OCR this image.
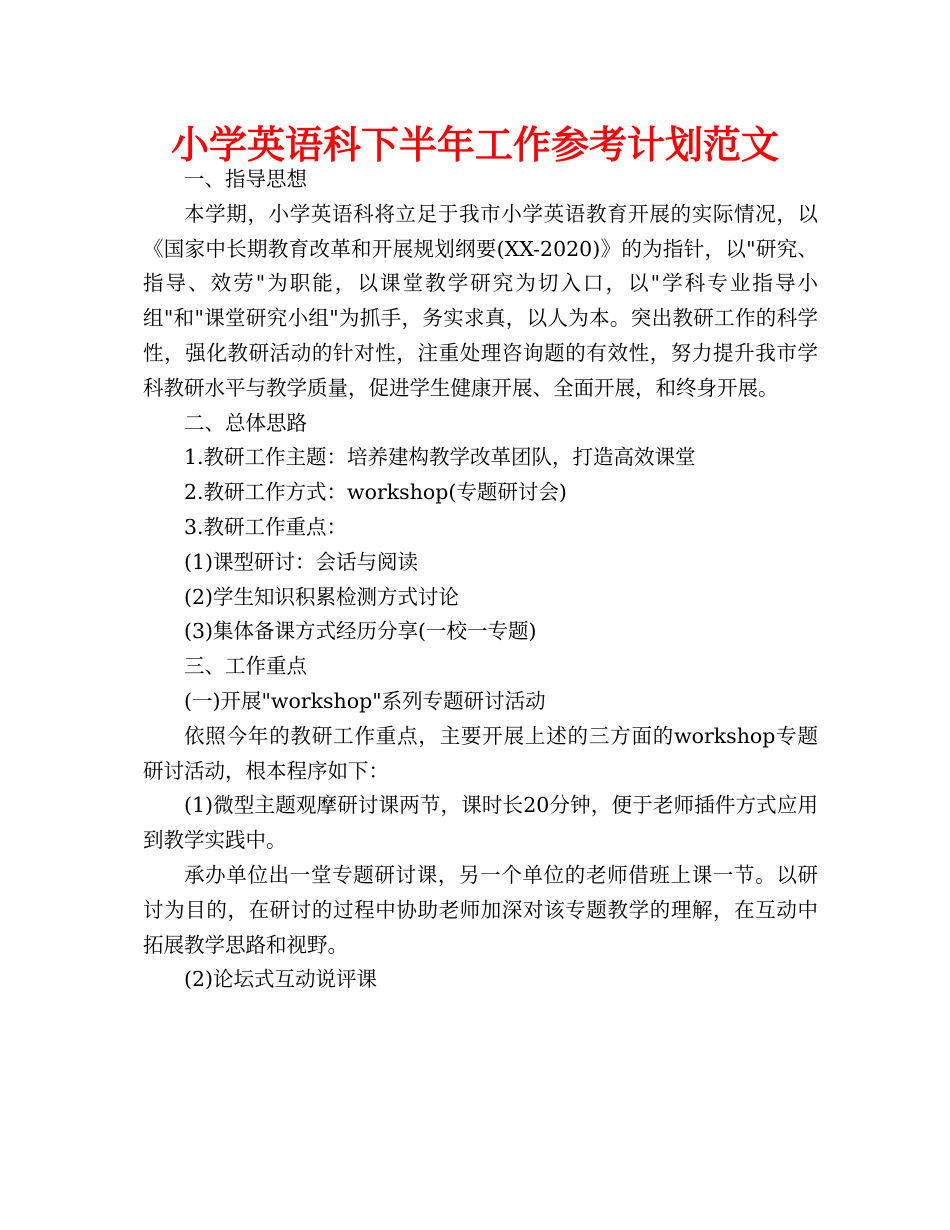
小学英语科下半年工作参考计划范文

一、指导思想

本学期，小学英语科将立足于我市小学英语教育开展的实际情况，以《国家中长期教育改革和开展规划纲要(XX-2020)》的为指针，以"研究、指导、效劳"为职能，以课堂教学研究为切入口，以"学科专业指导小组"和"课堂研究小组"为抓手，务实求真，以人为本。突出教研工作的科学性，强化教研活动的针对性，注重处理咨询题的有效性，努力提升我市学科教研水平与教学质量，促进学生健康开展、全面开展，和终身开展。

二、总体思路

1.教研工作主题：培养建构教学改革团队，打造高效课堂

2.教研工作方式：workshop(专题研讨会)

3.教研工作重点：

(1)课型研讨：会话与阅读

(2)学生知识积累检测方式讨论

(3)集体备课方式经历分享(一校一专题)

三、工作重点

(一)开展"workshop"系列专题研讨活动

依照今年的教研工作重点，主要开展上述的三方面的workshop专题研讨活动，根本程序如下：

(1)微型主题观摩研讨课两节，课时长20分钟，便于老师插件方式应用到教学实践中。

承办单位出一堂专题研讨课，另一个单位的老师借班上课一节。以研讨为目的，在研讨的过程中协助老师加深对该专题教学的理解，在互动中拓展教学思路和视野。

(2)论坛式互动说评课
